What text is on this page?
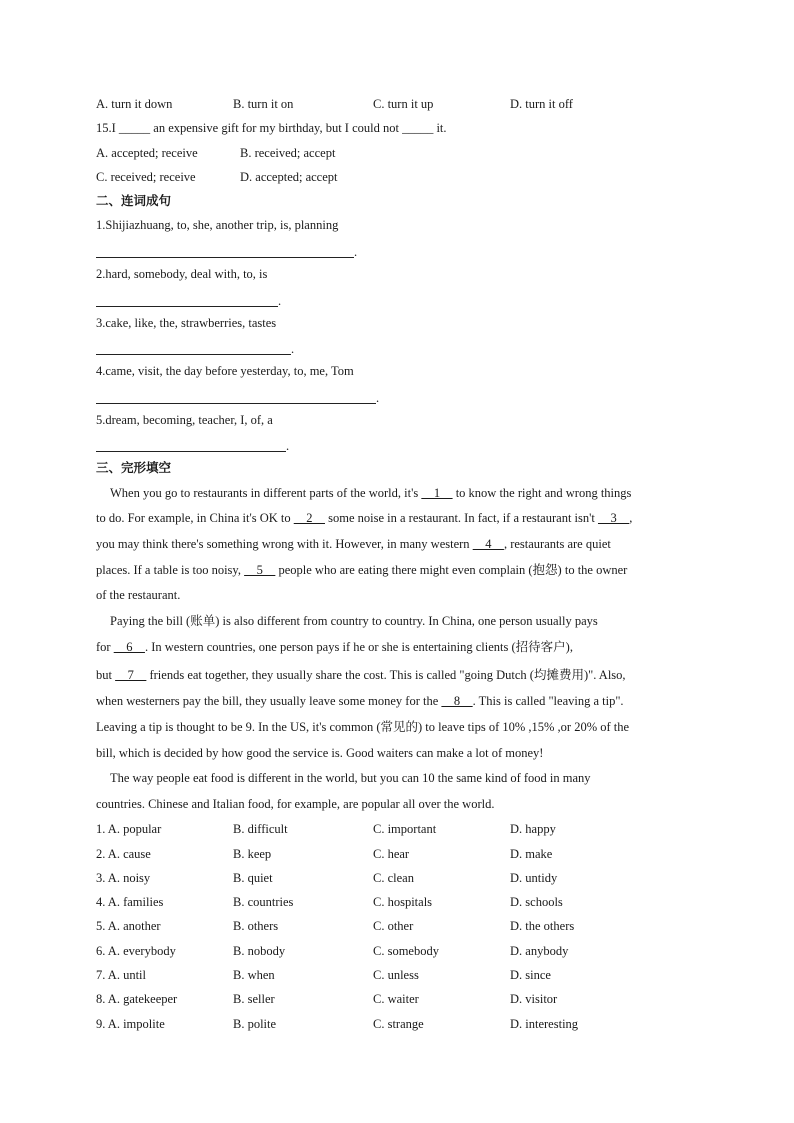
A. turn it down	B. turn it on	C. turn it up	D. turn it off
15.I _____ an expensive gift for my birthday, but I could not _____ it.
A. accepted; receive	B. received; accept
C. received; receive	D. accepted; accept
二、连词成句
1.Shijiazhuang, to, she, another trip, is, planning
.
2.hard, somebody, deal with, to, is
.
3.cake, like, the, strawberries, tastes
.
4.came, visit, the day before yesterday, to, me, Tom
.
5.dream, becoming, teacher, I, of, a
.
三、完形填空
When you go to restaurants in different parts of the world, it's   1   to know the right and wrong things
to do. For example, in China it's OK to   2   some noise in a restaurant. In fact, if a restaurant isn't   3  ,
you may think there's something wrong with it. However, in many western   4  , restaurants are quiet
places. If a table is too noisy,   5   people who are eating there might even complain (抱怨) to the owner
of the restaurant.
Paying the bill (账单) is also different from country to country. In China, one person usually pays
for   6  . In western countries, one person pays if he or she is entertaining clients (招待客户),
but   7   friends eat together, they usually share the cost. This is called "going Dutch (均摊费用)". Also,
when westerners pay the bill, they usually leave some money for the   8  . This is called "leaving a tip".
Leaving a tip is thought to be 9. In the US, it's common (常见的) to leave tips of 10% ,15% ,or 20% of the
bill, which is decided by how good the service is. Good waiters can make a lot of money!
The way people eat food is different in the world, but you can 10 the same kind of food in many
countries. Chinese and Italian food, for example, are popular all over the world.
1. A. popular	B. difficult	C. important	D. happy
2. A. cause	B. keep	C. hear	D. make
3. A. noisy	B. quiet	C. clean	D. untidy
4. A. families	B. countries	C. hospitals	D. schools
5. A. another	B. others	C. other	D. the others
6. A. everybody	B. nobody	C. somebody	D. anybody
7. A. until	B. when	C. unless	D. since
8. A. gatekeeper	B. seller	C. waiter	D. visitor
9. A. impolite	B. polite	C. strange	D. interesting
